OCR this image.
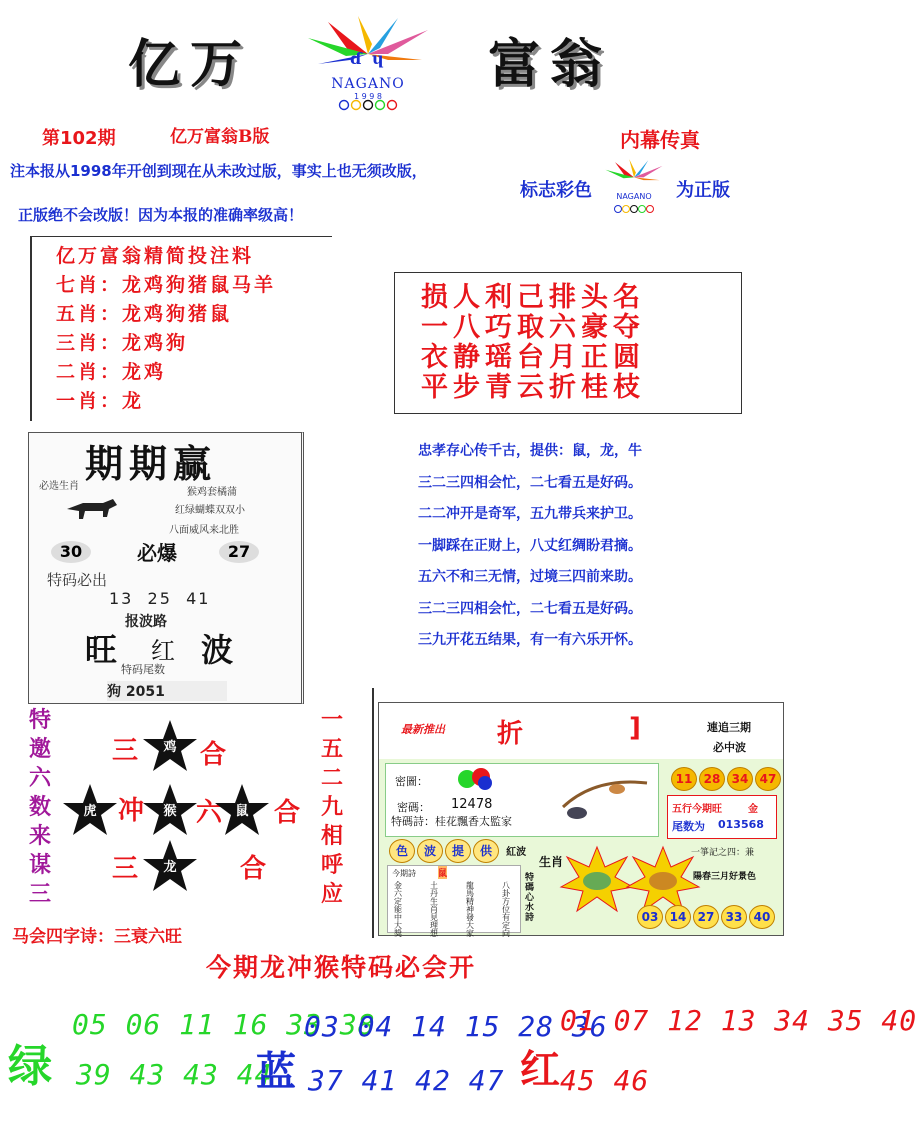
亿万	富翁
ɗ ɥ
NAGANO
1 9 9 8
第102期	亿万富翁B版	内幕传真
注本报从1998年开创到现在从未改过版，事实上也无须改版，
正版绝不会改版！因为本报的准确率级高！
标志彩色	NAGANO	为正版
亿万富翁精简投注料
七肖：龙鸡狗猪鼠马羊
五肖：龙鸡狗猪鼠
三肖：龙鸡狗
二肖：龙鸡
一肖：龙
损人利己排头名
一八巧取六豪夺
衣静瑶台月正圆
平步青云折桂枝
期期赢
必选生肖
猴鸡套橘蒲
红绿蝴蝶双双小
八面威风来北胜
30	必爆	27
特码必出
13  25  41
报波路
旺 红 波
特码尾数
狗 2051
忠孝存心传千古，提供：鼠，龙，牛
三二三四相会忙，二七看五是好码。
二二冲开是奇军，五九带兵来护卫。
一脚踩在正财上，八丈红绸盼君摘。
五六不和三无情，过境三四前来助。
三二三四相会忙，二七看五是好码。
三九开花五结果，有一有六乐开怀。
特
邀
六
数
来
谋
三
三	鸡 合
虎 冲	猴 六	鼠 合
三	龙	合
一
五
二
九
相
呼
应
马会四字诗：三衰六旺
最新推出 折	]	連追三期
必中波
密圖：
密碼： 12478
特碼詩：桂花飄香太監家
11 28 34 47
五行今期旺	金
尾数为 013568
色 波 提 供 紅波	一箏記之四：兼
陽春三月好景色
今期詩 鼠
金六定能中大獎
土丹生肖見理想
龍馬精神發大家
八卦方位有定向
生肖
特碼心水詩	03 14 27 33 40
今期龙冲猴特码必会开
绿
05 06 11 16 33 38
39 43 43 44
蓝
03 04 14 15 28 36
37 41 42 47 红
01 07 12 13 34 35 40
45 46
